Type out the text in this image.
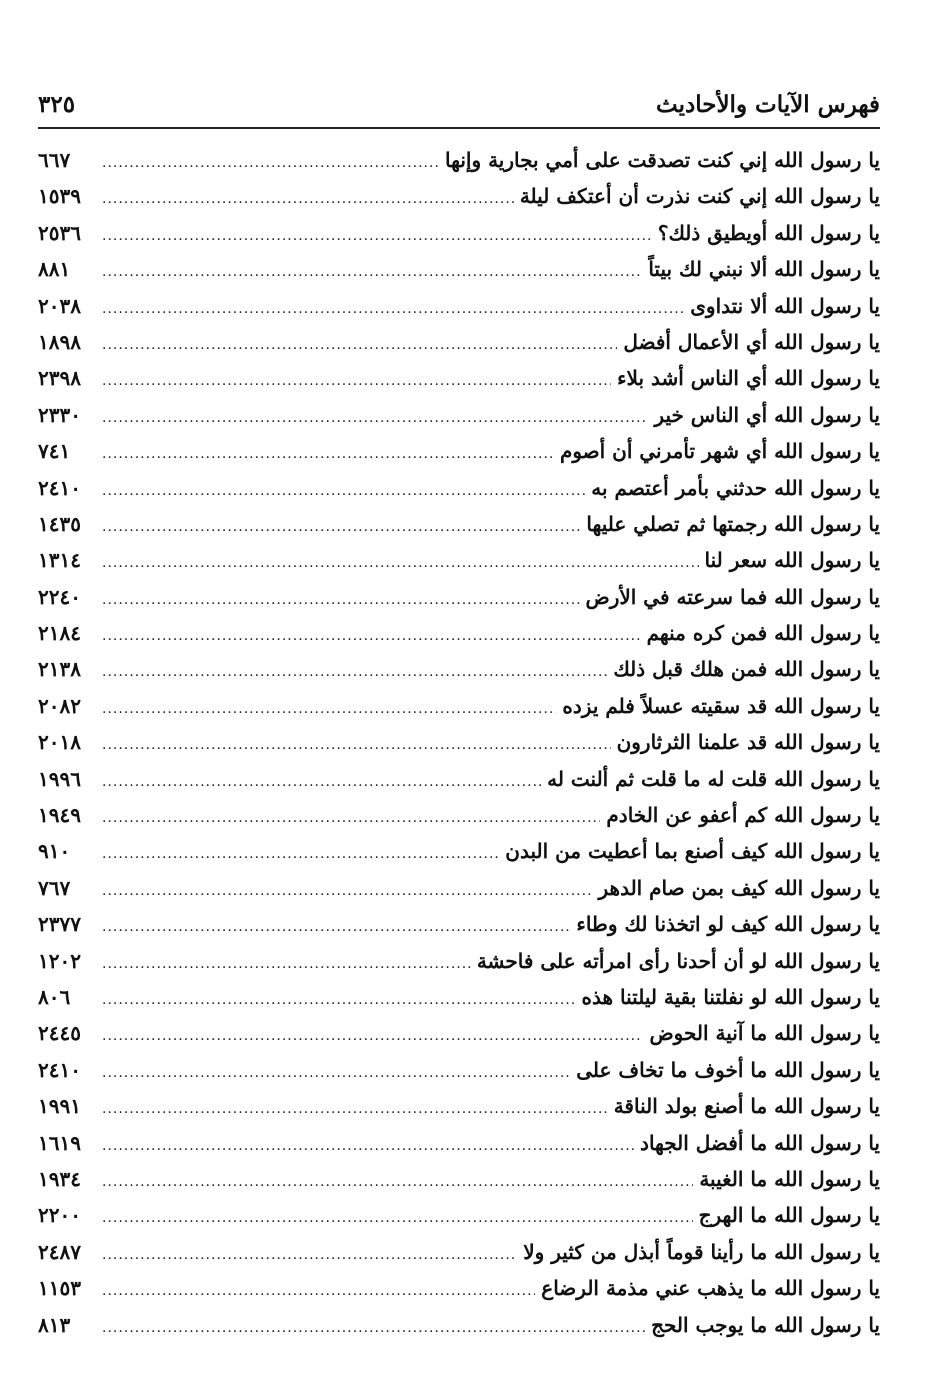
فهرس الآيات والأحاديث
٣٢٥
يا رسول الله إني كنت تصدقت على أمي بجارية وإنها
.....
٦٦٧
يا رسول الله إني كنت نذرت أن أعتكف ليلة
.....
١٥٣٩
يا رسول الله أويطيق ذلك؟
.....
٢٥٣٦
يا رسول الله ألا نبني لك بيتاً
.....
٨٨١
يا رسول الله ألا نتداوى
.....
٢٠٣٨
يا رسول الله أي الأعمال أفضل
.....
١٨٩٨
يا رسول الله أي الناس أشد بلاء
.....
٢٣٩٨
يا رسول الله أي الناس خير
.....
٢٣٣٠
يا رسول الله أي شهر تأمرني أن أصوم
.....
٧٤١
يا رسول الله حدثني بأمر أعتصم به
.....
٢٤١٠
يا رسول الله رجمتها ثم تصلي عليها
.....
١٤٣٥
يا رسول الله سعر لنا
.....
١٣١٤
يا رسول الله فما سرعته في الأرض
.....
٢٢٤٠
يا رسول الله فمن كره منهم
.....
٢١٨٤
يا رسول الله فمن هلك قبل ذلك
.....
٢١٣٨
يا رسول الله قد سقيته عسلاً فلم يزده
.....
٢٠٨٢
يا رسول الله قد علمنا الثرثارون
.....
٢٠١٨
يا رسول الله قلت له ما قلت ثم ألنت له
.....
١٩٩٦
يا رسول الله كم أعفو عن الخادم
.....
١٩٤٩
يا رسول الله كيف أصنع بما أعطيت من البدن
.....
٩١٠
يا رسول الله كيف بمن صام الدهر
.....
٧٦٧
يا رسول الله كيف لو اتخذنا لك وطاء
.....
٢٣٧٧
يا رسول الله لو أن أحدنا رأى امرأته على فاحشة
.....
١٢٠٢
يا رسول الله لو نفلتنا بقية ليلتنا هذه
.....
٨٠٦
يا رسول الله ما آنية الحوض
.....
٢٤٤٥
يا رسول الله ما أخوف ما تخاف على
.....
٢٤١٠
يا رسول الله ما أصنع بولد الناقة
.....
١٩٩١
يا رسول الله ما أفضل الجهاد
.....
١٦١٩
يا رسول الله ما الغيبة
.....
١٩٣٤
يا رسول الله ما الهرج
.....
٢٢٠٠
يا رسول الله ما رأينا قوماً أبذل من كثير ولا
.....
٢٤٨٧
يا رسول الله ما يذهب عني مذمة الرضاع
.....
١١٥٣
يا رسول الله ما يوجب الحج
.....
٨١٣
